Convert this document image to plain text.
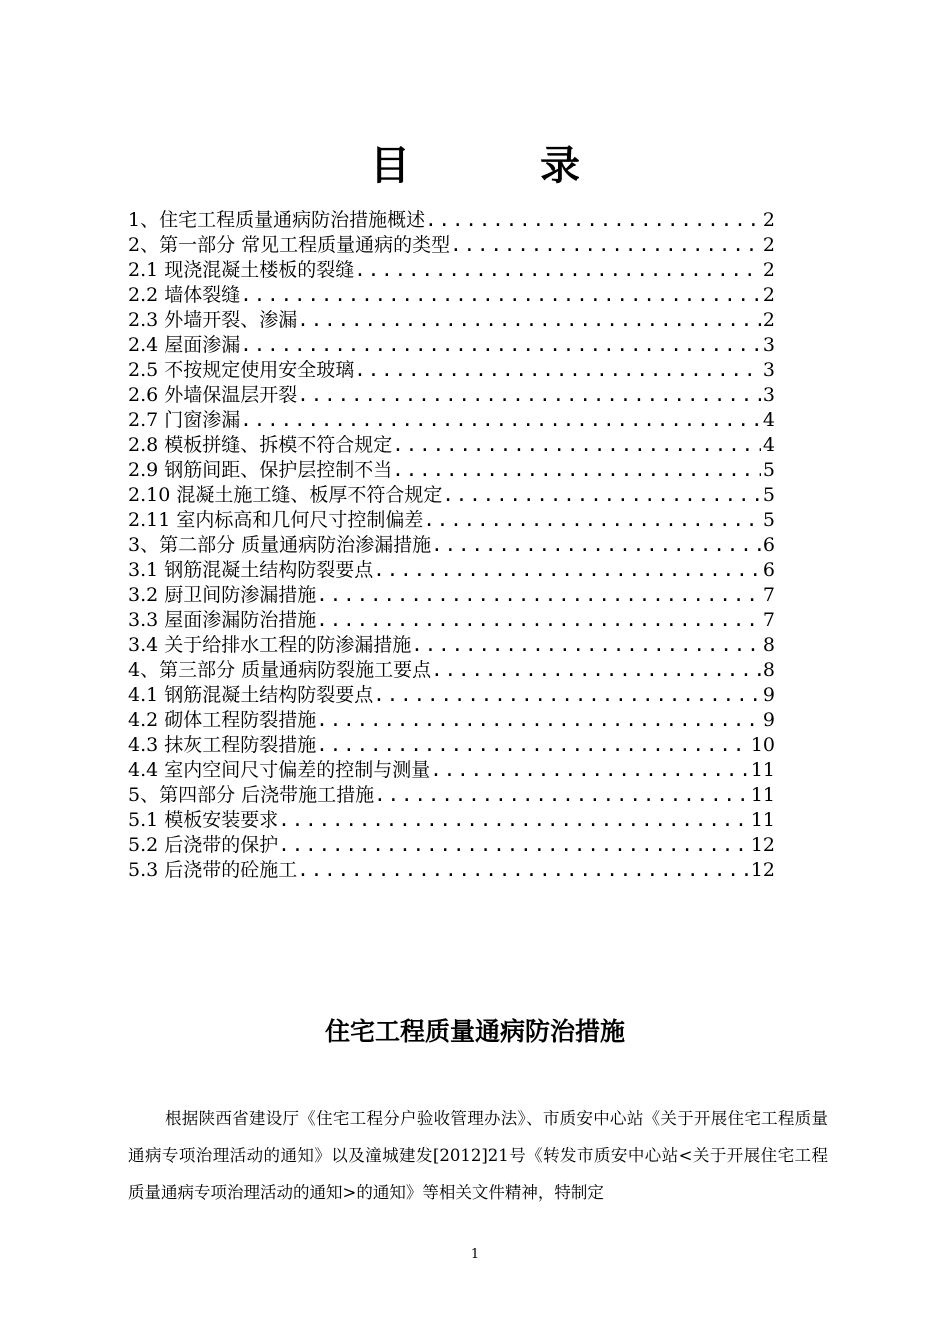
目 录
1、住宅工程质量通病防治措施概述 .....	2
2、第一部分 常见工程质量通病的类型 .....	2
2.1 现浇混凝土楼板的裂缝 .....	2
2.2 墙体裂缝 .....	2
2.3 外墙开裂、渗漏 .....	2
2.4 屋面渗漏 .....	3
2.5 不按规定使用安全玻璃 .....	3
2.6 外墙保温层开裂 .....	3
2.7 门窗渗漏 .....	4
2.8 模板拼缝、拆模不符合规定 .....	4
2.9 钢筋间距、保护层控制不当 .....	5
2.10 混凝土施工缝、板厚不符合规定 .....	5
2.11 室内标高和几何尺寸控制偏差 .....	5
3、第二部分 质量通病防治渗漏措施 .....	6
3.1 钢筋混凝土结构防裂要点 .....	6
3.2 厨卫间防渗漏措施 .....	7
3.3 屋面渗漏防治措施 .....	7
3.4 关于给排水工程的防渗漏措施 .....	8
4、第三部分 质量通病防裂施工要点 .....	8
4.1 钢筋混凝土结构防裂要点 .....	9
4.2 砌体工程防裂措施 .....	9
4.3 抹灰工程防裂措施 .....	10
4.4 室内空间尺寸偏差的控制与测量 .....	11
5、第四部分 后浇带施工措施 .....	11
5.1 模板安装要求 .....	11
5.2 后浇带的保护 .....	12
5.3 后浇带的砼施工 .....	12
住宅工程质量通病防治措施

根据陕西省建设厅《住宅工程分户验收管理办法》、市质安中心站《关于开展住宅工程质量通病专项治理活动的通知》以及潼城建发[2012]21号《转发市质安中心站<关于开展住宅工程质量通病专项治理活动的通知>的通知》等相关文件精神，特制定

1
